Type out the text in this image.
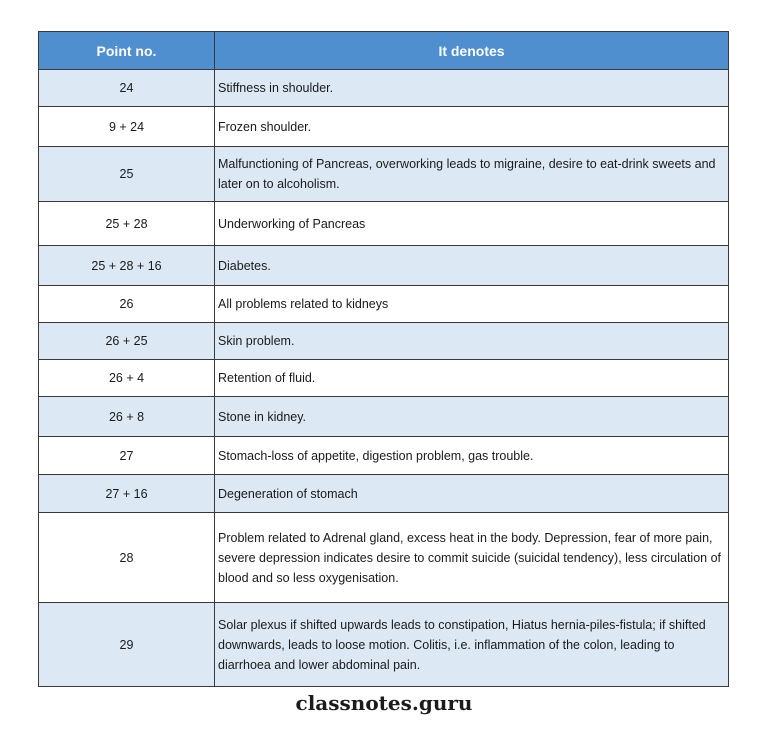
Point no.	It denotes
24	Stiffness in shoulder.
9 + 24	Frozen shoulder.
25	Malfunctioning of Pancreas, overworking leads to migraine, desire to eat-drink sweets and later on to alcoholism.
25 + 28	Underworking of Pancreas
25 + 28 + 16	Diabetes.
26	All problems related to kidneys
26 + 25	Skin problem.
26 + 4	Retention of fluid.
26 + 8	Stone in kidney.
27	Stomach-loss of appetite, digestion problem, gas trouble.
27 + 16	Degeneration of stomach
28	Problem related to Adrenal gland, excess heat in the body. Depression, fear of more pain, severe depression indicates desire to commit suicide (suicidal tendency), less circulation of blood and so less oxygenisation.
29	Solar plexus if shifted upwards leads to constipation, Hiatus hernia-piles-fistula; if shifted downwards, leads to loose motion. Colitis, i.e. inflammation of the colon, leading to diarrhoea and lower abdominal pain.
classnotes.guru
